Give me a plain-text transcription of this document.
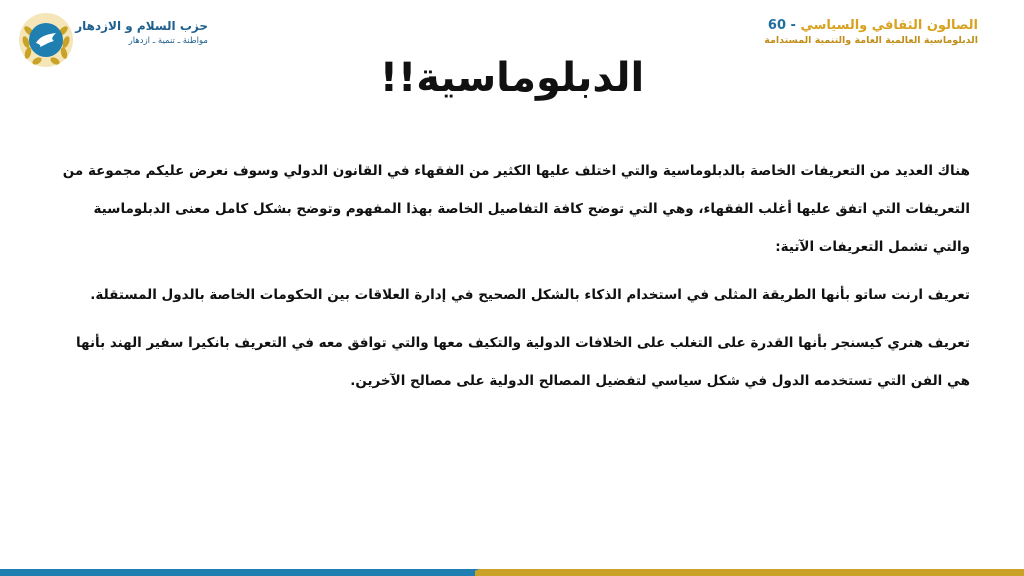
الصالون الثقافي والسياسي - 60
الدبلوماسية العالمية العامة والتنمية المستدامة
حزب السلام و الازدهار
مواطنة ـ تنمية ـ ازدهار
الدبلوماسية!!

هناك العديد من التعريفات الخاصة بالدبلوماسية والتي اختلف عليها الكثير من الفقهاء في القانون الدولي وسوف نعرض عليكم مجموعة من التعريفات التي اتفق عليها أغلب الفقهاء، وهي التي توضح كافة التفاصيل الخاصة بهذا المفهوم وتوضح بشكل كامل معنى الدبلوماسية والتي تشمل التعريفات الآتية:

تعريف ارنت ساتو بأنها الطريقة المثلى في استخدام الذكاء بالشكل الصحيح في إدارة العلاقات بين الحكومات الخاصة بالدول المستقلة.

تعريف هنري كيسنجر بأنها القدرة على التغلب على الخلافات الدولية والتكيف معها والتي توافق معه في التعريف بانكيرا سفير الهند بأنها هي الفن التي تستخدمه الدول في شكل سياسي لتفضيل المصالح الدولية على مصالح الآخرين.
